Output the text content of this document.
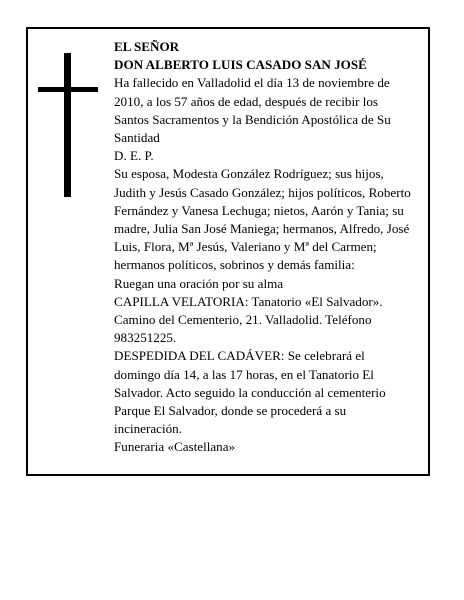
EL SEÑOR

DON ALBERTO LUIS CASADO SAN JOSÉ

Ha fallecido en Valladolid el día 13 de noviembre de 2010, a los 57 años de edad, después de recibir los Santos Sacramentos y la Bendición Apostólica de Su Santidad

D. E. P.

Su esposa, Modesta González Rodríguez; sus hijos, Judith y Jesús Casado González; hijos políticos, Roberto Fernández y Vanesa Lechuga; nietos, Aarón y Tania; su madre, Julia San José Maniega; hermanos, Alfredo, José Luis, Flora, Mª Jesús, Valeriano y Mª del Carmen; hermanos políticos, sobrinos y demás familia:

Ruegan una oración por su alma

CAPILLA VELATORIA: Tanatorio «El Salvador». Camino del Cementerio, 21. Valladolid. Teléfono 983251225.

DESPEDIDA DEL CADÁVER: Se celebrará el domingo día 14, a las 17 horas, en el Tanatorio El Salvador. Acto seguido la conducción al cementerio Parque El Salvador, donde se procederá a su incineración.

Funeraria «Castellana»
